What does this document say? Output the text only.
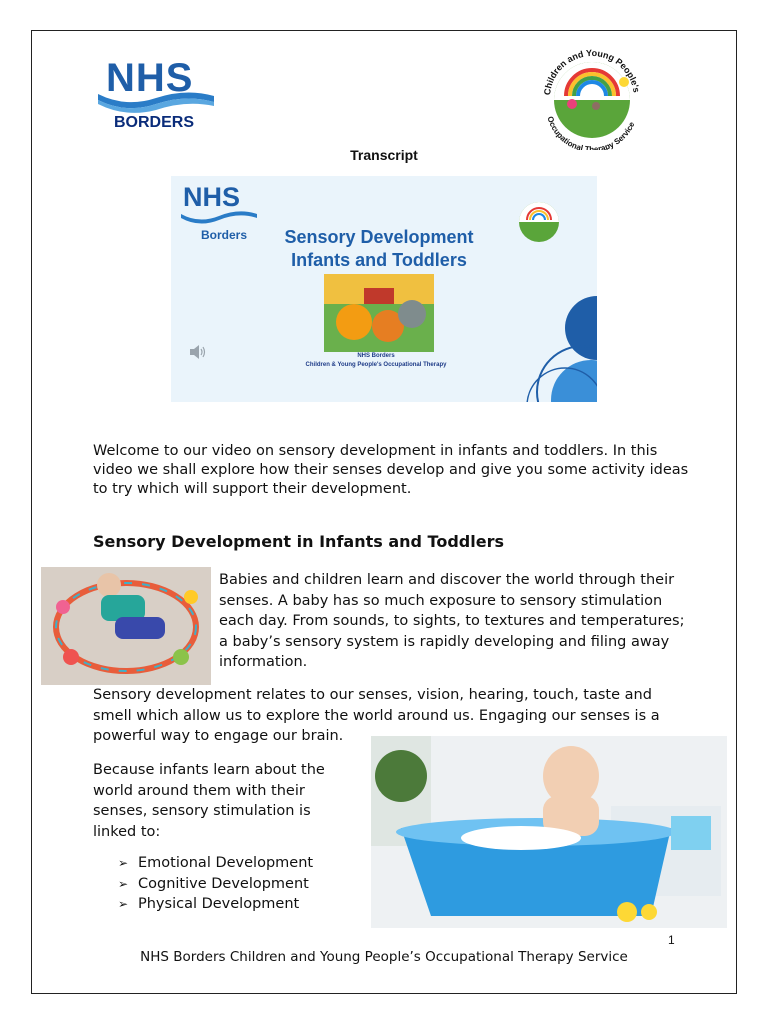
NHS
BORDERS
Children and Young People's
Occupational Therapy Service
Transcript
NHS
Borders	Sensory Development
Infants and Toddlers
NHS Borders
Children & Young People's Occupational Therapy
Welcome to our video on sensory development in infants and toddlers. In this video we shall explore how their senses develop and give you some activity ideas to try which will support their development.
Sensory Development in Infants and Toddlers
Babies and children learn and discover the world through their senses. A baby has so much exposure to sensory stimulation each day. From sounds, to sights, to textures and temperatures; a baby’s sensory system is rapidly developing and filing away information.
Sensory development relates to our senses, vision, hearing, touch, taste and smell which allow us to explore the world around us. Engaging our senses is a powerful way to engage our brain.
Because infants learn about the world around them with their senses, sensory stimulation is linked to:
➢ Emotional Development
➢ Cognitive Development
➢ Physical Development
1
NHS Borders Children and Young People’s Occupational Therapy Service
